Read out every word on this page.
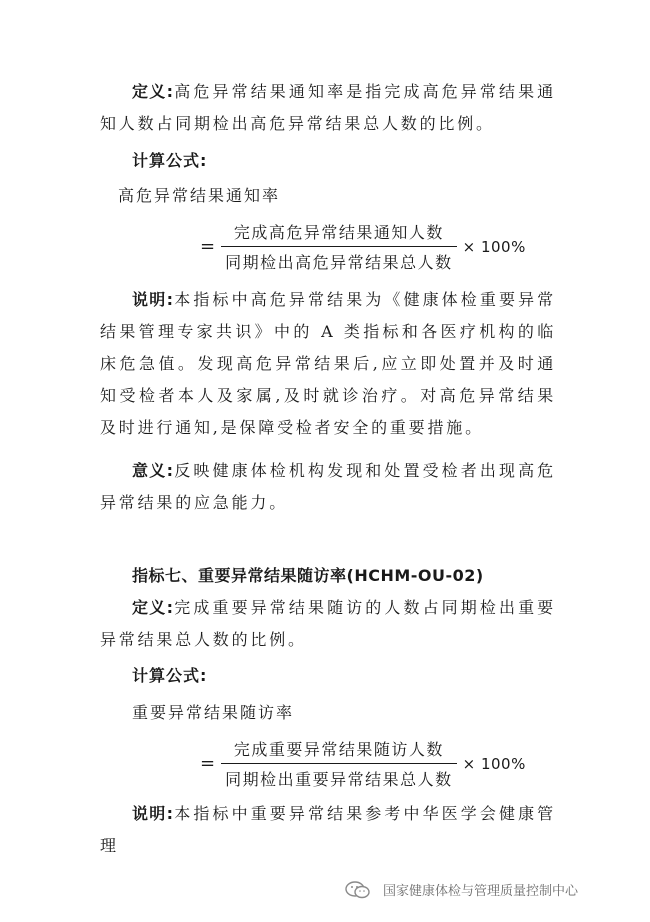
定义:高危异常结果通知率是指完成高危异常结果通知人数占同期检出高危异常结果总人数的比例。

计算公式:

高危异常结果通知率

= $\frac{\text{完成高危异常结果通知人数}}{\text{同期检出高危异常结果总人数}} \times 100\%$

说明:本指标中高危异常结果为《健康体检重要异常结果管理专家共识》中的 A 类指标和各医疗机构的临床危急值。发现高危异常结果后,应立即处置并及时通知受检者本人及家属,及时就诊治疗。对高危异常结果及时进行通知,是保障受检者安全的重要措施。

意义:反映健康体检机构发现和处置受检者出现高危异常结果的应急能力。

指标七、重要异常结果随访率(HCHM-OU-02)

定义:完成重要异常结果随访的人数占同期检出重要异常结果总人数的比例。

计算公式:

重要异常结果随访率

= $\frac{\text{完成重要异常结果随访人数}}{\text{同期检出重要异常结果总人数}} \times 100\%$

说明:本指标中重要异常结果参考中华医学会健康管理

国家健康体检与管理质量控制中心
